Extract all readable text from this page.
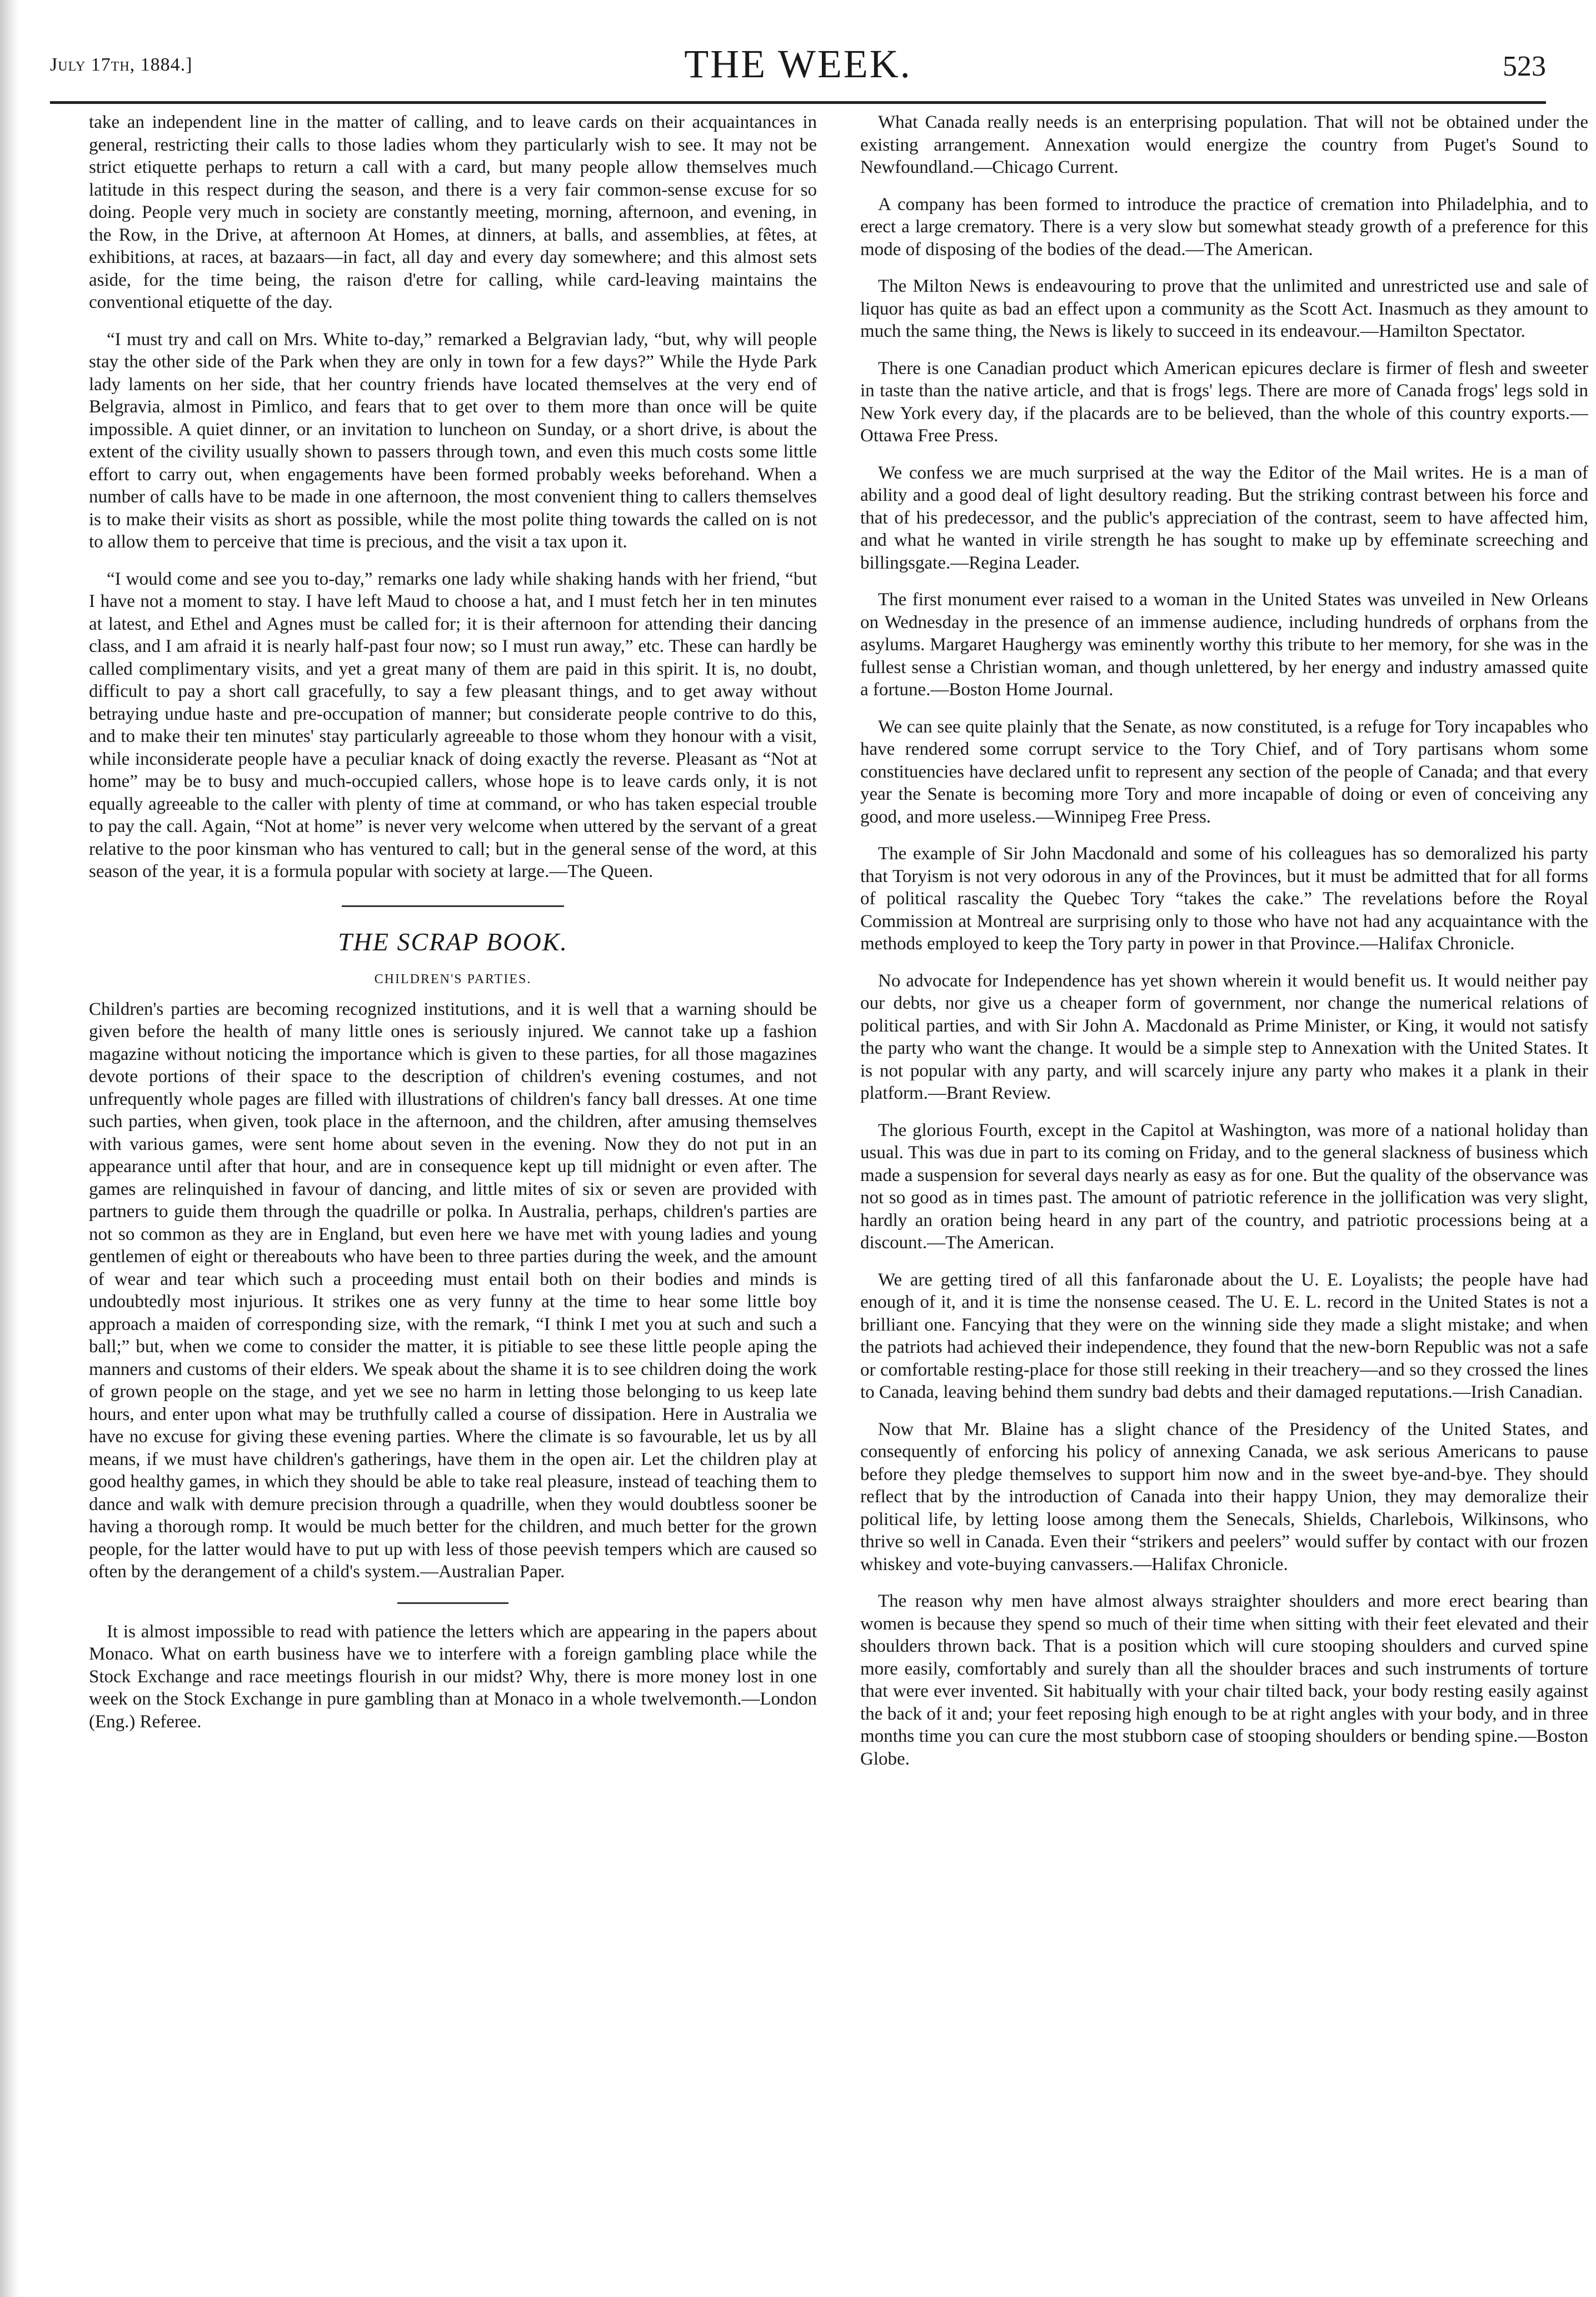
July 17th, 1884.]	THE WEEK.	523

take an independent line in the matter of calling, and to leave cards on their acquaintances in general, restricting their calls to those ladies whom they particularly wish to see. It may not be strict etiquette perhaps to return a call with a card, but many people allow themselves much latitude in this respect during the season, and there is a very fair common-sense excuse for so doing. People very much in society are constantly meeting, morning, afternoon, and evening, in the Row, in the Drive, at afternoon At Homes, at dinners, at balls, and assemblies, at fêtes, at exhibitions, at races, at bazaars—in fact, all day and every day somewhere; and this almost sets aside, for the time being, the raison d'etre for calling, while card-leaving maintains the conventional etiquette of the day.

“I must try and call on Mrs. White to-day,” remarked a Belgravian lady, “but, why will people stay the other side of the Park when they are only in town for a few days?” While the Hyde Park lady laments on her side, that her country friends have located themselves at the very end of Belgravia, almost in Pimlico, and fears that to get over to them more than once will be quite impossible. A quiet dinner, or an invitation to luncheon on Sunday, or a short drive, is about the extent of the civility usually shown to passers through town, and even this much costs some little effort to carry out, when engagements have been formed probably weeks beforehand. When a number of calls have to be made in one afternoon, the most convenient thing to callers themselves is to make their visits as short as possible, while the most polite thing towards the called on is not to allow them to perceive that time is precious, and the visit a tax upon it.

“I would come and see you to-day,” remarks one lady while shaking hands with her friend, “but I have not a moment to stay. I have left Maud to choose a hat, and I must fetch her in ten minutes at latest, and Ethel and Agnes must be called for; it is their afternoon for attending their dancing class, and I am afraid it is nearly half-past four now; so I must run away,” etc. These can hardly be called complimentary visits, and yet a great many of them are paid in this spirit. It is, no doubt, difficult to pay a short call gracefully, to say a few pleasant things, and to get away without betraying undue haste and pre-occupation of manner; but considerate people contrive to do this, and to make their ten minutes' stay particularly agreeable to those whom they honour with a visit, while inconsiderate people have a peculiar knack of doing exactly the reverse. Pleasant as “Not at home” may be to busy and much-occupied callers, whose hope is to leave cards only, it is not equally agreeable to the caller with plenty of time at command, or who has taken especial trouble to pay the call. Again, “Not at home” is never very welcome when uttered by the servant of a great relative to the poor kinsman who has ventured to call; but in the general sense of the word, at this season of the year, it is a formula popular with society at large.—The Queen.

THE SCRAP BOOK.
CHILDREN'S PARTIES.

Children's parties are becoming recognized institutions, and it is well that a warning should be given before the health of many little ones is seriously injured. We cannot take up a fashion magazine without noticing the importance which is given to these parties, for all those magazines devote portions of their space to the description of children's evening costumes, and not unfrequently whole pages are filled with illustrations of children's fancy ball dresses. At one time such parties, when given, took place in the afternoon, and the children, after amusing themselves with various games, were sent home about seven in the evening. Now they do not put in an appearance until after that hour, and are in consequence kept up till midnight or even after. The games are relinquished in favour of dancing, and little mites of six or seven are provided with partners to guide them through the quadrille or polka. In Australia, perhaps, children's parties are not so common as they are in England, but even here we have met with young ladies and young gentlemen of eight or thereabouts who have been to three parties during the week, and the amount of wear and tear which such a proceeding must entail both on their bodies and minds is undoubtedly most injurious. It strikes one as very funny at the time to hear some little boy approach a maiden of corresponding size, with the remark, “I think I met you at such and such a ball;” but, when we come to consider the matter, it is pitiable to see these little people aping the manners and customs of their elders. We speak about the shame it is to see children doing the work of grown people on the stage, and yet we see no harm in letting those belonging to us keep late hours, and enter upon what may be truthfully called a course of dissipation. Here in Australia we have no excuse for giving these evening parties. Where the climate is so favourable, let us by all means, if we must have children's gatherings, have them in the open air. Let the children play at good healthy games, in which they should be able to take real pleasure, instead of teaching them to dance and walk with demure precision through a quadrille, when they would doubtless sooner be having a thorough romp. It would be much better for the children, and much better for the grown people, for the latter would have to put up with less of those peevish tempers which are caused so often by the derangement of a child's system.—Australian Paper.

It is almost impossible to read with patience the letters which are appearing in the papers about Monaco. What on earth business have we to interfere with a foreign gambling place while the Stock Exchange and race meetings flourish in our midst? Why, there is more money lost in one week on the Stock Exchange in pure gambling than at Monaco in a whole twelvemonth.—London (Eng.) Referee.

What Canada really needs is an enterprising population. That will not be obtained under the existing arrangement. Annexation would energize the country from Puget's Sound to Newfoundland.—Chicago Current.

A company has been formed to introduce the practice of cremation into Philadelphia, and to erect a large crematory. There is a very slow but somewhat steady growth of a preference for this mode of disposing of the bodies of the dead.—The American.

The Milton News is endeavouring to prove that the unlimited and unrestricted use and sale of liquor has quite as bad an effect upon a community as the Scott Act. Inasmuch as they amount to much the same thing, the News is likely to succeed in its endeavour.—Hamilton Spectator.

There is one Canadian product which American epicures declare is firmer of flesh and sweeter in taste than the native article, and that is frogs' legs. There are more of Canada frogs' legs sold in New York every day, if the placards are to be believed, than the whole of this country exports.—Ottawa Free Press.

We confess we are much surprised at the way the Editor of the Mail writes. He is a man of ability and a good deal of light desultory reading. But the striking contrast between his force and that of his predecessor, and the public's appreciation of the contrast, seem to have affected him, and what he wanted in virile strength he has sought to make up by effeminate screeching and billingsgate.—Regina Leader.

The first monument ever raised to a woman in the United States was unveiled in New Orleans on Wednesday in the presence of an immense audience, including hundreds of orphans from the asylums. Margaret Haughergy was eminently worthy this tribute to her memory, for she was in the fullest sense a Christian woman, and though unlettered, by her energy and industry amassed quite a fortune.—Boston Home Journal.

We can see quite plainly that the Senate, as now constituted, is a refuge for Tory incapables who have rendered some corrupt service to the Tory Chief, and of Tory partisans whom some constituencies have declared unfit to represent any section of the people of Canada; and that every year the Senate is becoming more Tory and more incapable of doing or even of conceiving any good, and more useless.—Winnipeg Free Press.

The example of Sir John Macdonald and some of his colleagues has so demoralized his party that Toryism is not very odorous in any of the Provinces, but it must be admitted that for all forms of political rascality the Quebec Tory “takes the cake.” The revelations before the Royal Commission at Montreal are surprising only to those who have not had any acquaintance with the methods employed to keep the Tory party in power in that Province.—Halifax Chronicle.

No advocate for Independence has yet shown wherein it would benefit us. It would neither pay our debts, nor give us a cheaper form of government, nor change the numerical relations of political parties, and with Sir John A. Macdonald as Prime Minister, or King, it would not satisfy the party who want the change. It would be a simple step to Annexation with the United States. It is not popular with any party, and will scarcely injure any party who makes it a plank in their platform.—Brant Review.

The glorious Fourth, except in the Capitol at Washington, was more of a national holiday than usual. This was due in part to its coming on Friday, and to the general slackness of business which made a suspension for several days nearly as easy as for one. But the quality of the observance was not so good as in times past. The amount of patriotic reference in the jollification was very slight, hardly an oration being heard in any part of the country, and patriotic processions being at a discount.—The American.

We are getting tired of all this fanfaronade about the U. E. Loyalists; the people have had enough of it, and it is time the nonsense ceased. The U. E. L. record in the United States is not a brilliant one. Fancying that they were on the winning side they made a slight mistake; and when the patriots had achieved their independence, they found that the new-born Republic was not a safe or comfortable resting-place for those still reeking in their treachery—and so they crossed the lines to Canada, leaving behind them sundry bad debts and their damaged reputations.—Irish Canadian.

Now that Mr. Blaine has a slight chance of the Presidency of the United States, and consequently of enforcing his policy of annexing Canada, we ask serious Americans to pause before they pledge themselves to support him now and in the sweet bye-and-bye. They should reflect that by the introduction of Canada into their happy Union, they may demoralize their political life, by letting loose among them the Senecals, Shields, Charlebois, Wilkinsons, who thrive so well in Canada. Even their “strikers and peelers” would suffer by contact with our frozen whiskey and vote-buying canvassers.—Halifax Chronicle.

The reason why men have almost always straighter shoulders and more erect bearing than women is because they spend so much of their time when sitting with their feet elevated and their shoulders thrown back. That is a position which will cure stooping shoulders and curved spine more easily, comfortably and surely than all the shoulder braces and such instruments of torture that were ever invented. Sit habitually with your chair tilted back, your body resting easily against the back of it and; your feet reposing high enough to be at right angles with your body, and in three months time you can cure the most stubborn case of stooping shoulders or bending spine.—Boston Globe.
